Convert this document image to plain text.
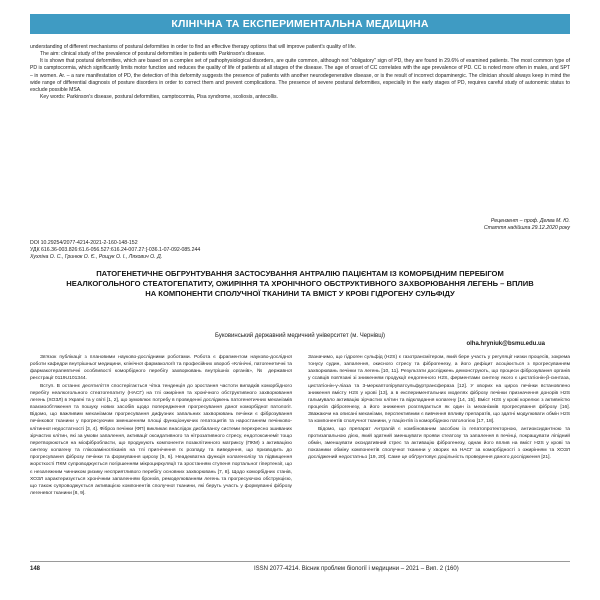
КЛІНІЧНА ТА ЕКСПЕРИМЕНТАЛЬНА МЕДИЦИНА

understanding of different mechanisms of postural deformities in order to find an effective therapy options that will improve patient's quality of life.

The aim: clinical study of the prevalence of postural deformities in patients with Parkinson's disease.

It is shown that postural deformities, which are based on a complex set of pathophysiological disorders, are quite common, although not "obligatory" sign of PD, they are found in 29.6% of examined patients. The most common type of PD is camptocormia, which significantly limits motor function and reduces the quality of life of patients at all stages of the disease. The age of onset of CC correlates with the age prevalence of PD. CC is noted more often in males, and SPT – in women. Ar. – a rare manifestation of PD, the detection of this deformity suggests the presence of patients with another neurodegenerative disease, or is the result of incorrect dopaminergic. The clinician should always keep in mind the wide range of differential diagnosis of posture disorders in order to correct them and prevent complications. The presence of severe postural deformities, especially in the early stages of PD, requires careful study of autonomic status to exclude possible MSA.

Key words: Parkinson's disease, postural deformities, camptocormia, Pisa syndrome, scoliosis, antecollis.

Рецензент – проф. Делва М. Ю.
Стаття надійшла 29.12.2020 року
DOI 10.29254/2077-4214-2021-2-160-148-152
УДК 616.36-003.826:61.6-056.527:616.24-007.27:[-036.1-07-092-085.244
Хухліна О. С., Гринюк О. Є., Рощук О. І., Ляхович О. Д.
ПАТОГЕНЕТИЧНЕ ОБГРУНТУВАННЯ ЗАСТОСУВАННЯ АНТРАЛІЮ ПАЦІЄНТАМ ІЗ КОМОРБІДНИМ ПЕРЕБІГОМ НЕАЛКОГОЛЬНОГО СТЕАТОГЕПАТИТУ, ОЖИРІННЯ ТА ХРОНІЧНОГО ОБСТРУКТИВНОГО ЗАХВОРЮВАННЯ ЛЕГЕНЬ – ВПЛИВ НА КОМПОНЕНТИ СПОЛУЧНОЇ ТКАНИНИ ТА ВМІСТ У КРОВІ ГІДРОГЕНУ СУЛЬФІДУ
Буковинський державний медичний університет (м. Чернівці)
olha.hryniuk@bsmu.edu.ua

Зв'язок публікації з плановими науково-дослідними роботами. Робота є фрагментом науково-дослідної роботи кафедри внутрішньої медицини, клінічної фармакології та професійних хвороб «Клінічні, патогенетичні та фармакотерапевтичні особливості коморбідного перебігу захворювань внутрішніх органів», № державної реєстрації 0119U101344.

Вступ. В останнє десятиліття спостерігається чітка тенденція до зростання частоти випадків коморбідного перебігу неалкогольного стеатогепатиту (НАСГ) на тлі ожиріння та хронічного обструктивного захворювання легень (ХОЗЛ) в Україні та у світі [1, 2], що зумовлює потребу в проведенні досліджень патогенетичних механізмів взаємообтяження та пошуку нових засобів щодо попередження прогресування даної коморбідної патології. Відомо, що важливим механізмом прогресування дифузних запальних захворювань печінки є фіброзування печінкової тканини у прогресуючим зменшенням площі функціонуючих гепатоцитів та наростанням печінково-клітинної недостатності [3, 4]. Фіброз печінки (ФП) викликає внаслідок дисбалансу системи перехресно зшиваних зірчастих клітин, які за умови запалення, активації оксидативного та нітрозативного стресу, ендотоксинемії тощо перетворюються на міофібробласти, що продукують компоненти позаклітинного матриксу (ПКМ) з активацією синтезу колагену та глікозаміногліканів на тлі пригнічення їх розпаду та виведення, що призводить до прогресування фіброзу печінки та формування цирозу [5, 6]. Неадекватна функція колагенолізу та підвищення жорсткості ПКМ супроводжується погіршенням мікроциркуляції та зростанням ступеня портальної гіпертензії, що є незалежним чинником ризику несприятливого перебігу основних захворювань [7, 8]. Щодо коморбідних станів, ХОЗЛ характеризується хронічним запаленням бронхів, ремоделюванням легень та прогресуючою обструкцією, що також супроводжується активацією компонентів сполучної тканини, які беруть участь у формуванні фіброзу легеневої тканини [8, 9].

Зазначимо, що гідроген сульфід (H2S) є газотрансмітером, який бере участь у регуляції низки процесів, зокрема тонусу судин, запалення, окисного стресу та фіброгенезу, а його дефіцит асоціюється з прогресуванням захворювань печінки та легень [10, 11]. Результати досліджень демонструють, що процеси фіброзування органів у ссавців пов'язані зі зниженням продукції ендогенного H2S, ферментами синтезу якого є цистатіонін-β-синтаза, цистатіонін-γ-ліаза та 3-меркаптопіруватсульфуртрансфераза [12]. У хворих на цироз печінки встановлено зниження вмісту H2S у крові [13], а в експериментальних моделях фіброзу печінки призначення донорів H2S гальмувало активацію зірчастих клітин та відкладання колагену [14, 15]. Вміст H2S у крові корелює з активністю процесів фіброгенезу, а його зниження розглядається як один із механізмів прогресування фіброзу [16]. Зважаючи на описані механізми, перспективним є вивчення впливу препаратів, що здатні модулювати обмін H2S та компонентів сполучної тканини, у пацієнтів із коморбідною патологією [17, 18].

Відомо, що препарат Антралій є комбінованим засобом із гепатопротекторною, антиоксидантною та протизапальною дією, який здатний зменшувати прояви стеатозу та запалення в печінці, покращувати ліпідний обмін, зменшувати оксидативний стрес та активацію фіброгенезу, однак його вплив на вміст H2S у крові та показники обміну компонентів сполучної тканини у хворих на НАСГ за коморбідності з ожирінням та ХОЗЛ досліджений недостатньо [19, 20]. Саме це обґрунтовує доцільність проведення даного дослідження [21].

148	ISSN 2077-4214. Вісник проблем біології і медицини – 2021 – Вип. 2 (160)
